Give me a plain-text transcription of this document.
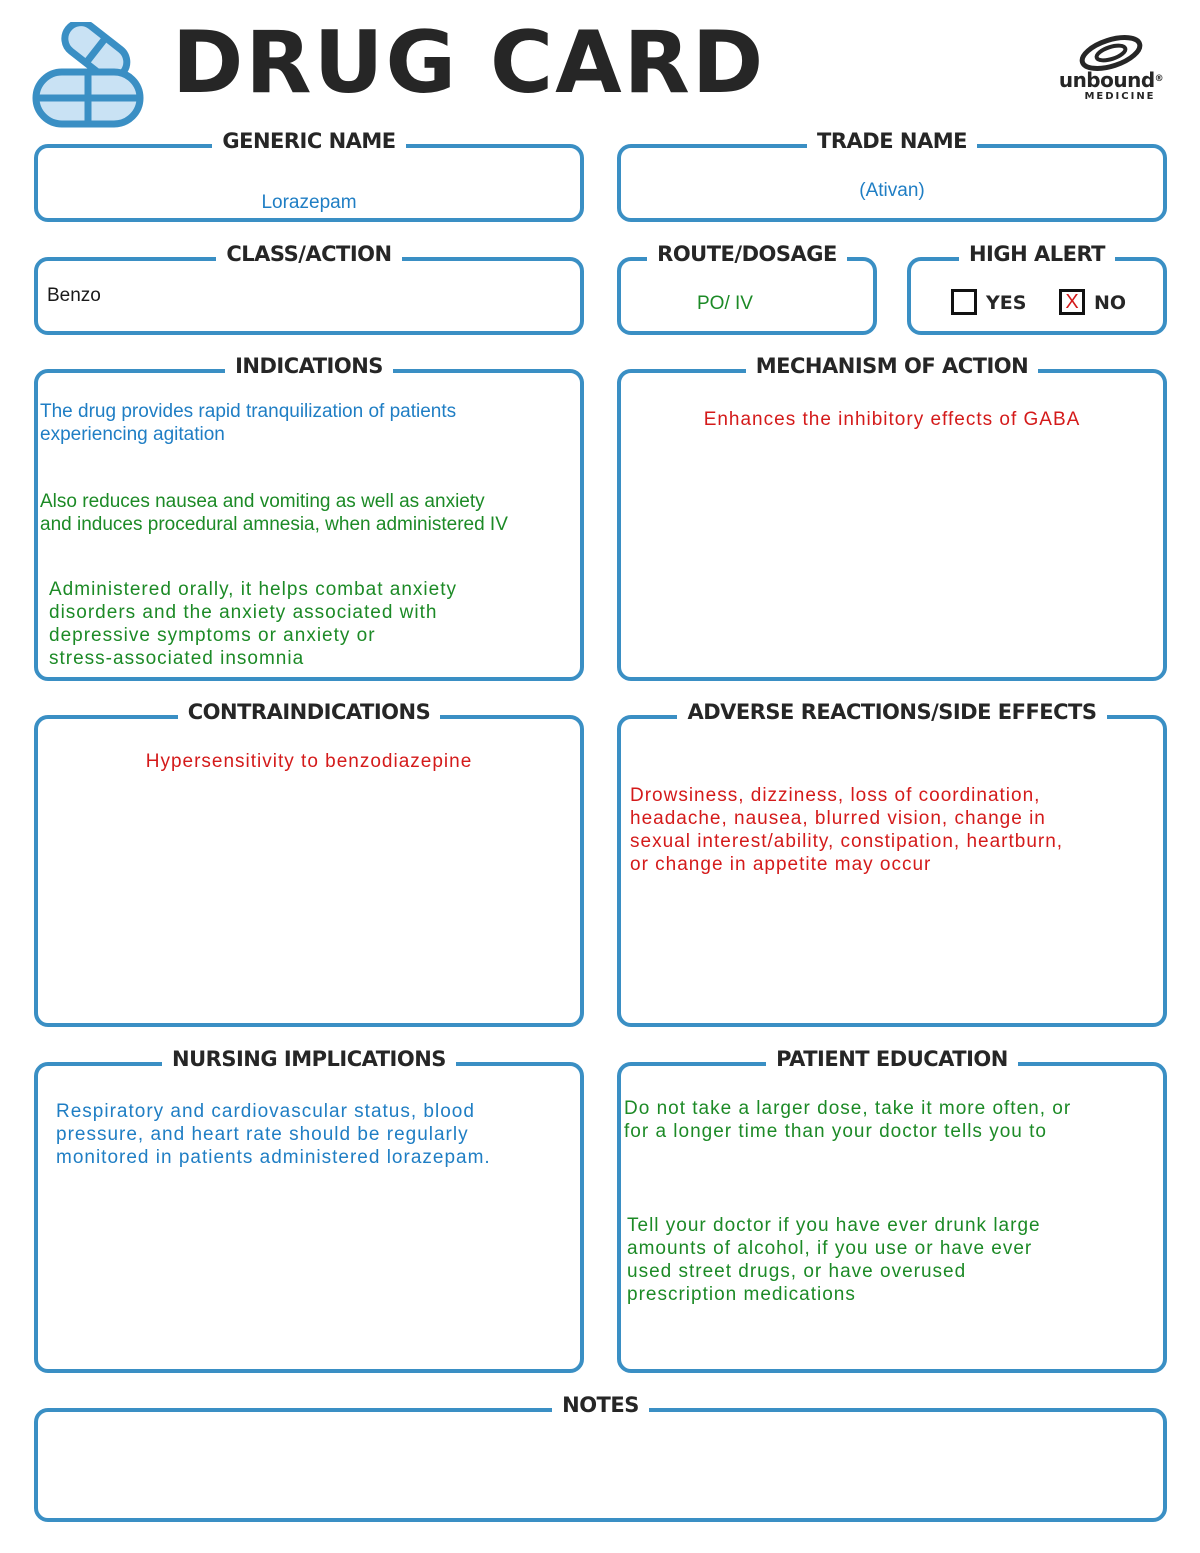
DRUG CARD	unbound®
MEDICINE
GENERIC NAME
Lorazepam
TRADE NAME
(Ativan)
CLASS/ACTION
Benzo
ROUTE/DOSAGE
PO/ IV
HIGH ALERT
YES X NO
INDICATIONS
The drug provides rapid tranquilization of patients
experiencing agitation
Also reduces nausea and vomiting as well as anxiety
and induces procedural amnesia, when administered IV
Administered orally, it helps combat anxiety
disorders and the anxiety associated with
depressive symptoms or anxiety or
stress-associated insomnia
MECHANISM OF ACTION
Enhances the inhibitory effects of GABA
CONTRAINDICATIONS
Hypersensitivity to benzodiazepine
ADVERSE REACTIONS/SIDE EFFECTS
Drowsiness, dizziness, loss of coordination,
headache, nausea, blurred vision, change in
sexual interest/ability, constipation, heartburn,
or change in appetite may occur
NURSING IMPLICATIONS
Respiratory and cardiovascular status, blood
pressure, and heart rate should be regularly
monitored in patients administered lorazepam.
PATIENT EDUCATION
Do not take a larger dose, take it more often, or
for a longer time than your doctor tells you to
Tell your doctor if you have ever drunk large
amounts of alcohol, if you use or have ever
used street drugs, or have overused
prescription medications
NOTES
